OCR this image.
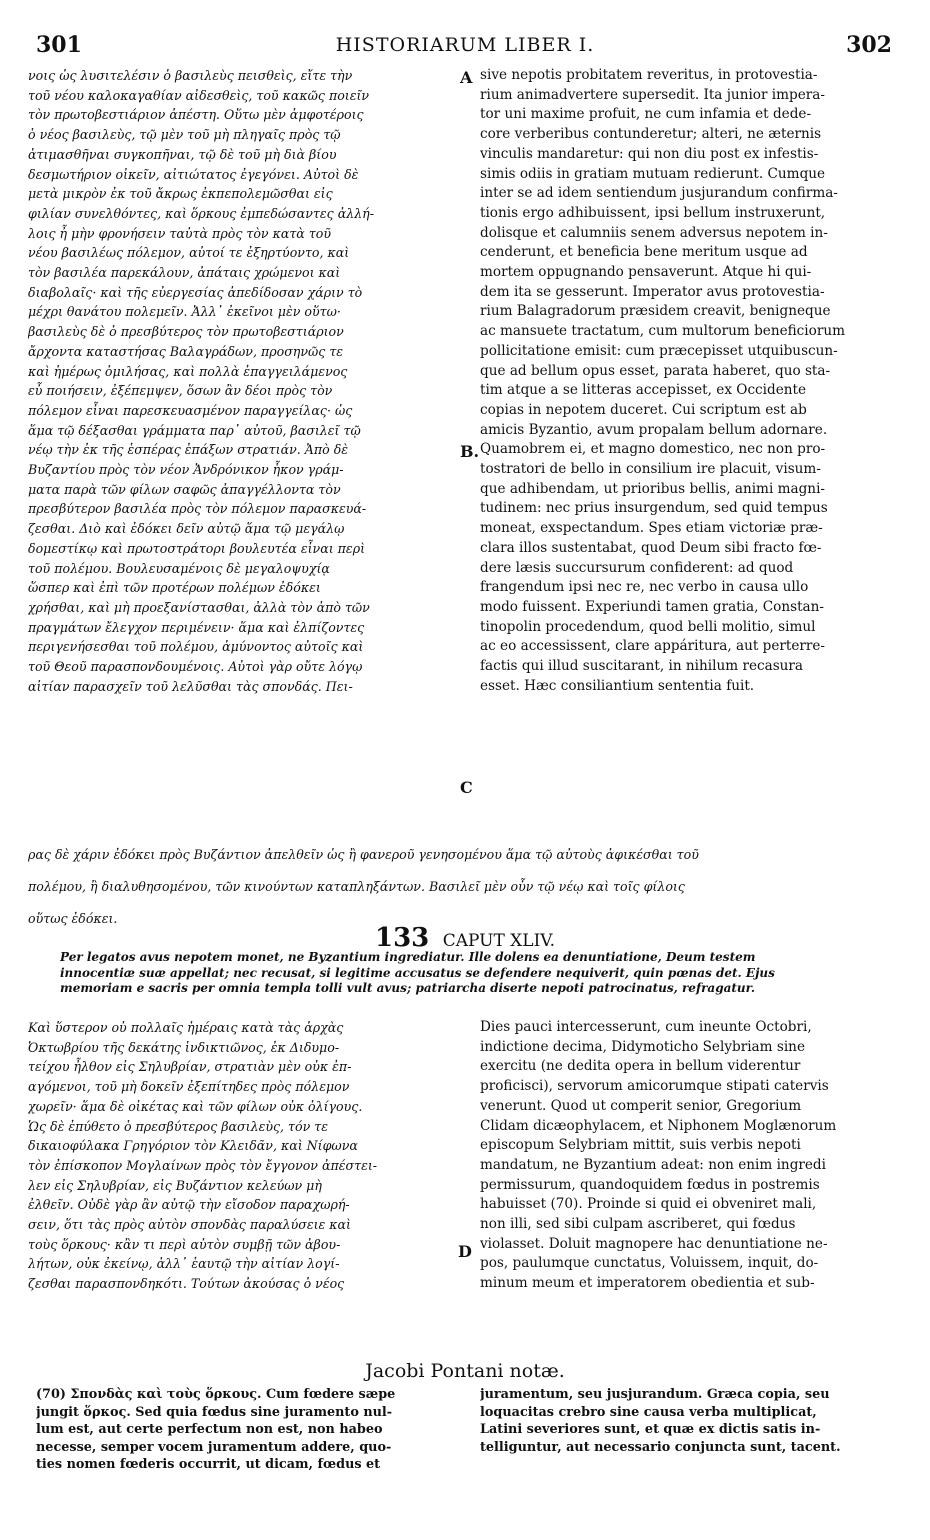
301	HISTORIARUM LIBER I.	302

νοις ὡς λυσιτελέσιν ὁ βασιλεὺς πεισθεὶς, εἴτε τὴν

τοῦ νέου καλοκαγαθίαν αἰδεσθεὶς, τοῦ κακῶς ποιεῖν

τὸν πρωτοβεστιάριον ἀπέστη. Οὕτω μὲν ἀμφοτέροις

ὁ νέος βασιλεὺς, τῷ μὲν τοῦ μὴ πληγαῖς πρὸς τῷ

ἀτιμασθῆναι συγκοπῆναι, τῷ δὲ τοῦ μὴ διὰ βίου

δεσμωτήριον οἰκεῖν, αἰτιώτατος ἐγεγόνει. Αὐτοὶ δὲ

μετὰ μικρὸν ἐκ τοῦ ἄκρως ἐκπεπολεμῶσθαι εἰς

φιλίαν συνελθόντες, καὶ ὅρκους ἐμπεδώσαντες ἀλλή-

λοις ἦ μὴν φρονήσειν ταὐτὰ πρὸς τὸν κατὰ τοῦ

νέου βασιλέως πόλεμον, αὐτοί τε ἐξηρτύοντο, καὶ

τὸν βασιλέα παρεκάλουν, ἀπάταις χρώμενοι καὶ

διαβολαῖς· καὶ τῆς εὐεργεσίας ἀπεδίδοσαν χάριν τὸ

μέχρι θανάτου πολεμεῖν. Ἀλλ᾽ ἐκεῖνοι μὲν οὕτω·

βασιλεὺς δὲ ὁ πρεσβύτερος τὸν πρωτοβεστιάριον

ἄρχοντα καταστήσας Βαλαγράδων, προσηνῶς τε

καὶ ἡμέρως ὁμιλήσας, καὶ πολλὰ ἐπαγγειλάμενος

εὖ ποιήσειν, ἐξέπεμψεν, ὅσων ἂν δέοι πρὸς τὸν

πόλεμον εἶναι παρεσκευασμένον παραγγείλας· ὡς

ἅμα τῷ δέξασθαι γράμματα παρ᾽ αὐτοῦ, βασιλεῖ τῷ

νέῳ τὴν ἐκ τῆς ἑσπέρας ἐπάξων στρατιάν. Ἀπὸ δὲ

Βυζαντίου πρὸς τὸν νέον Ἀνδρόνικον ἧκον γράμ-

ματα παρὰ τῶν φίλων σαφῶς ἀπαγγέλλοντα τὸν

πρεσβύτερον βασιλέα πρὸς τὸν πόλεμον παρασκευά-

ζεσθαι. Διὸ καὶ ἐδόκει δεῖν αὐτῷ ἅμα τῷ μεγάλῳ

δομεστίκῳ καὶ πρωτοστράτορι βουλευτέα εἶναι περὶ

τοῦ πολέμου. Βουλευσαμένοις δὲ μεγαλοψυχίᾳ

ὥσπερ καὶ ἐπὶ τῶν προτέρων πολέμων ἐδόκει

χρήσθαι, καὶ μὴ προεξανίστασθαι, ἀλλὰ τὸν ἀπὸ τῶν

πραγμάτων ἔλεγχον περιμένειν· ἅμα καὶ ἐλπίζοντες

περιγενήσεσθαι τοῦ πολέμου, ἀμύνοντος αὐτοῖς καὶ

τοῦ Θεοῦ παρασπονδουμένοις. Αὐτοὶ γὰρ οὔτε λόγῳ

αἰτίαν παρασχεῖν τοῦ λελῦσθαι τὰς σπονδάς. Πει-

sive nepotis probitatem reveritus, in protovestia-

rium animadvertere supersedit. Ita junior impera-

tor uni maxime profuit, ne cum infamia et dede-

core verberibus contunderetur; alteri, ne æternis

vinculis mandaretur: qui non diu post ex infestis-

simis odiis in gratiam mutuam redierunt. Cumque

inter se ad idem sentiendum jusjurandum confirma-

tionis ergo adhibuissent, ipsi bellum instruxerunt,

dolisque et calumniis senem adversus nepotem in-

cenderunt, et beneficia bene meritum usque ad

mortem oppugnando pensaverunt. Atque hi qui-

dem ita se gesserunt. Imperator avus protovestia-

rium Balagradorum præsidem creavit, benigneque

ac mansuete tractatum, cum multorum beneficiorum

pollicitatione emisit: cum præcepisset utquibuscun-

que ad bellum opus esset, parata haberet, quo sta-

tim atque a se litteras accepisset, ex Occidente

copias in nepotem duceret. Cui scriptum est ab

amicis Byzantio, avum propalam bellum adornare.

Quamobrem ei, et magno domestico, nec non pro-

tostratori de bello in consilium ire placuit, visum-

que adhibendam, ut prioribus bellis, animi magni-

tudinem: nec prius insurgendum, sed quid tempus

moneat, exspectandum. Spes etiam victoriæ præ-

clara illos sustentabat, quod Deum sibi fracto fœ-

dere læsis succursurum confiderent: ad quod

frangendum ipsi nec re, nec verbo in causa ullo

modo fuissent. Experiundi tamen gratia, Constan-

tinopolin procedendum, quod belli molitio, simul

ac eo accessissent, clare appáritura, aut perterre-

factis qui illud suscitarant, in nihilum recasura

esset. Hæc consiliantium sententia fuit.

A
B.
C
D

ρας δὲ χάριν ἐδόκει πρὸς Βυζάντιον ἀπελθεῖν ὡς ἢ φανεροῦ γενησομένου ἅμα τῷ αὐτοὺς ἀφικέσθαι τοῦ

πολέμου, ἢ διαλυθησομένου, τῶν κινούντων καταπληξάντων. Βασιλεῖ μὲν οὖν τῷ νέῳ καὶ τοῖς φίλοις

οὕτως ἐδόκει.

133 CAPUT XLIV.

Per legatos avus nepotem monet, ne Byzantium ingrediatur. Ille dolens ea denuntiatione, Deum testem

innocentiæ suæ appellat; nec recusat, si legitime accusatus se defendere nequiverit, quin pœnas det. Ejus

memoriam e sacris per omnia templa tolli vult avus; patriarcha diserte nepoti patrocinatus, refragatur.

Καὶ ὕστερον οὐ πολλαῖς ἡμέραις κατὰ τὰς ἀρχὰς

Ὀκτωβρίου τῆς δεκάτης ἰνδικτιῶνος, ἐκ Διδυμο-

τείχου ἦλθον εἰς Σηλυβρίαν, στρατιὰν μὲν οὐκ ἐπ-

αγόμενοι, τοῦ μὴ δοκεῖν ἐξεπίτηδες πρὸς πόλεμον

χωρεῖν· ἅμα δὲ οἰκέτας καὶ τῶν φίλων οὐκ ὀλίγους.

Ὡς δὲ ἐπύθετο ὁ πρεσβύτερος βασιλεὺς, τόν τε

δικαιοφύλακα Γρηγόριον τὸν Κλειδᾶν, καὶ Νίφωνα

τὸν ἐπίσκοπον Μογλαίνων πρὸς τὸν ἔγγονον ἀπέστει-

λεν εἰς Σηλυβρίαν, εἰς Βυζάντιον κελεύων μὴ

ἐλθεῖν. Οὐδὲ γὰρ ἂν αὐτῷ τὴν εἴσοδον παραχωρή-

σειν, ὅτι τὰς πρὸς αὐτὸν σπονδὰς παραλύσειε καὶ

τοὺς ὅρκους· κἂν τι περὶ αὐτὸν συμβῇ τῶν ἀβου-

λήτων, οὐκ ἐκείνῳ, ἀλλ᾽ ἑαυτῷ τὴν αἰτίαν λογί-

ζεσθαι παρασπονδηκότι. Τούτων ἀκούσας ὁ νέος

Dies pauci intercesserunt, cum ineunte Octobri,

indictione decima, Didymoticho Selybriam sine

exercitu (ne dedita opera in bellum viderentur

proficisci), servorum amicorumque stipati catervis

venerunt. Quod ut comperit senior, Gregorium

Clidam dicæophylacem, et Niphonem Moglænorum

episcopum Selybriam mittit, suis verbis nepoti

mandatum, ne Byzantium adeat: non enim ingredi

permissurum, quandoquidem fœdus in postremis

habuisset (70). Proinde si quid ei obveniret mali,

non illi, sed sibi culpam ascriberet, qui fœdus

violasset. Doluit magnopere hac denuntiatione ne-

pos, paulumque cunctatus, Voluissem, inquit, do-

minum meum et imperatorem obedientia et sub-

Jacobi Pontani notæ.

(70) Σπονδὰς καὶ τοὺς ὅρκους. Cum fœdere sæpe

jungit ὅρκος. Sed quia fœdus sine juramento nul-

lum est, aut certe perfectum non est, non habeo

necesse, semper vocem juramentum addere, quo-

ties nomen fœderis occurrit, ut dicam, fœdus et

juramentum, seu jusjurandum. Græca copia, seu

loquacitas crebro sine causa verba multiplicat,

Latini severiores sunt, et quæ ex dictis satis in-

telliguntur, aut necessario conjuncta sunt, tacent.
